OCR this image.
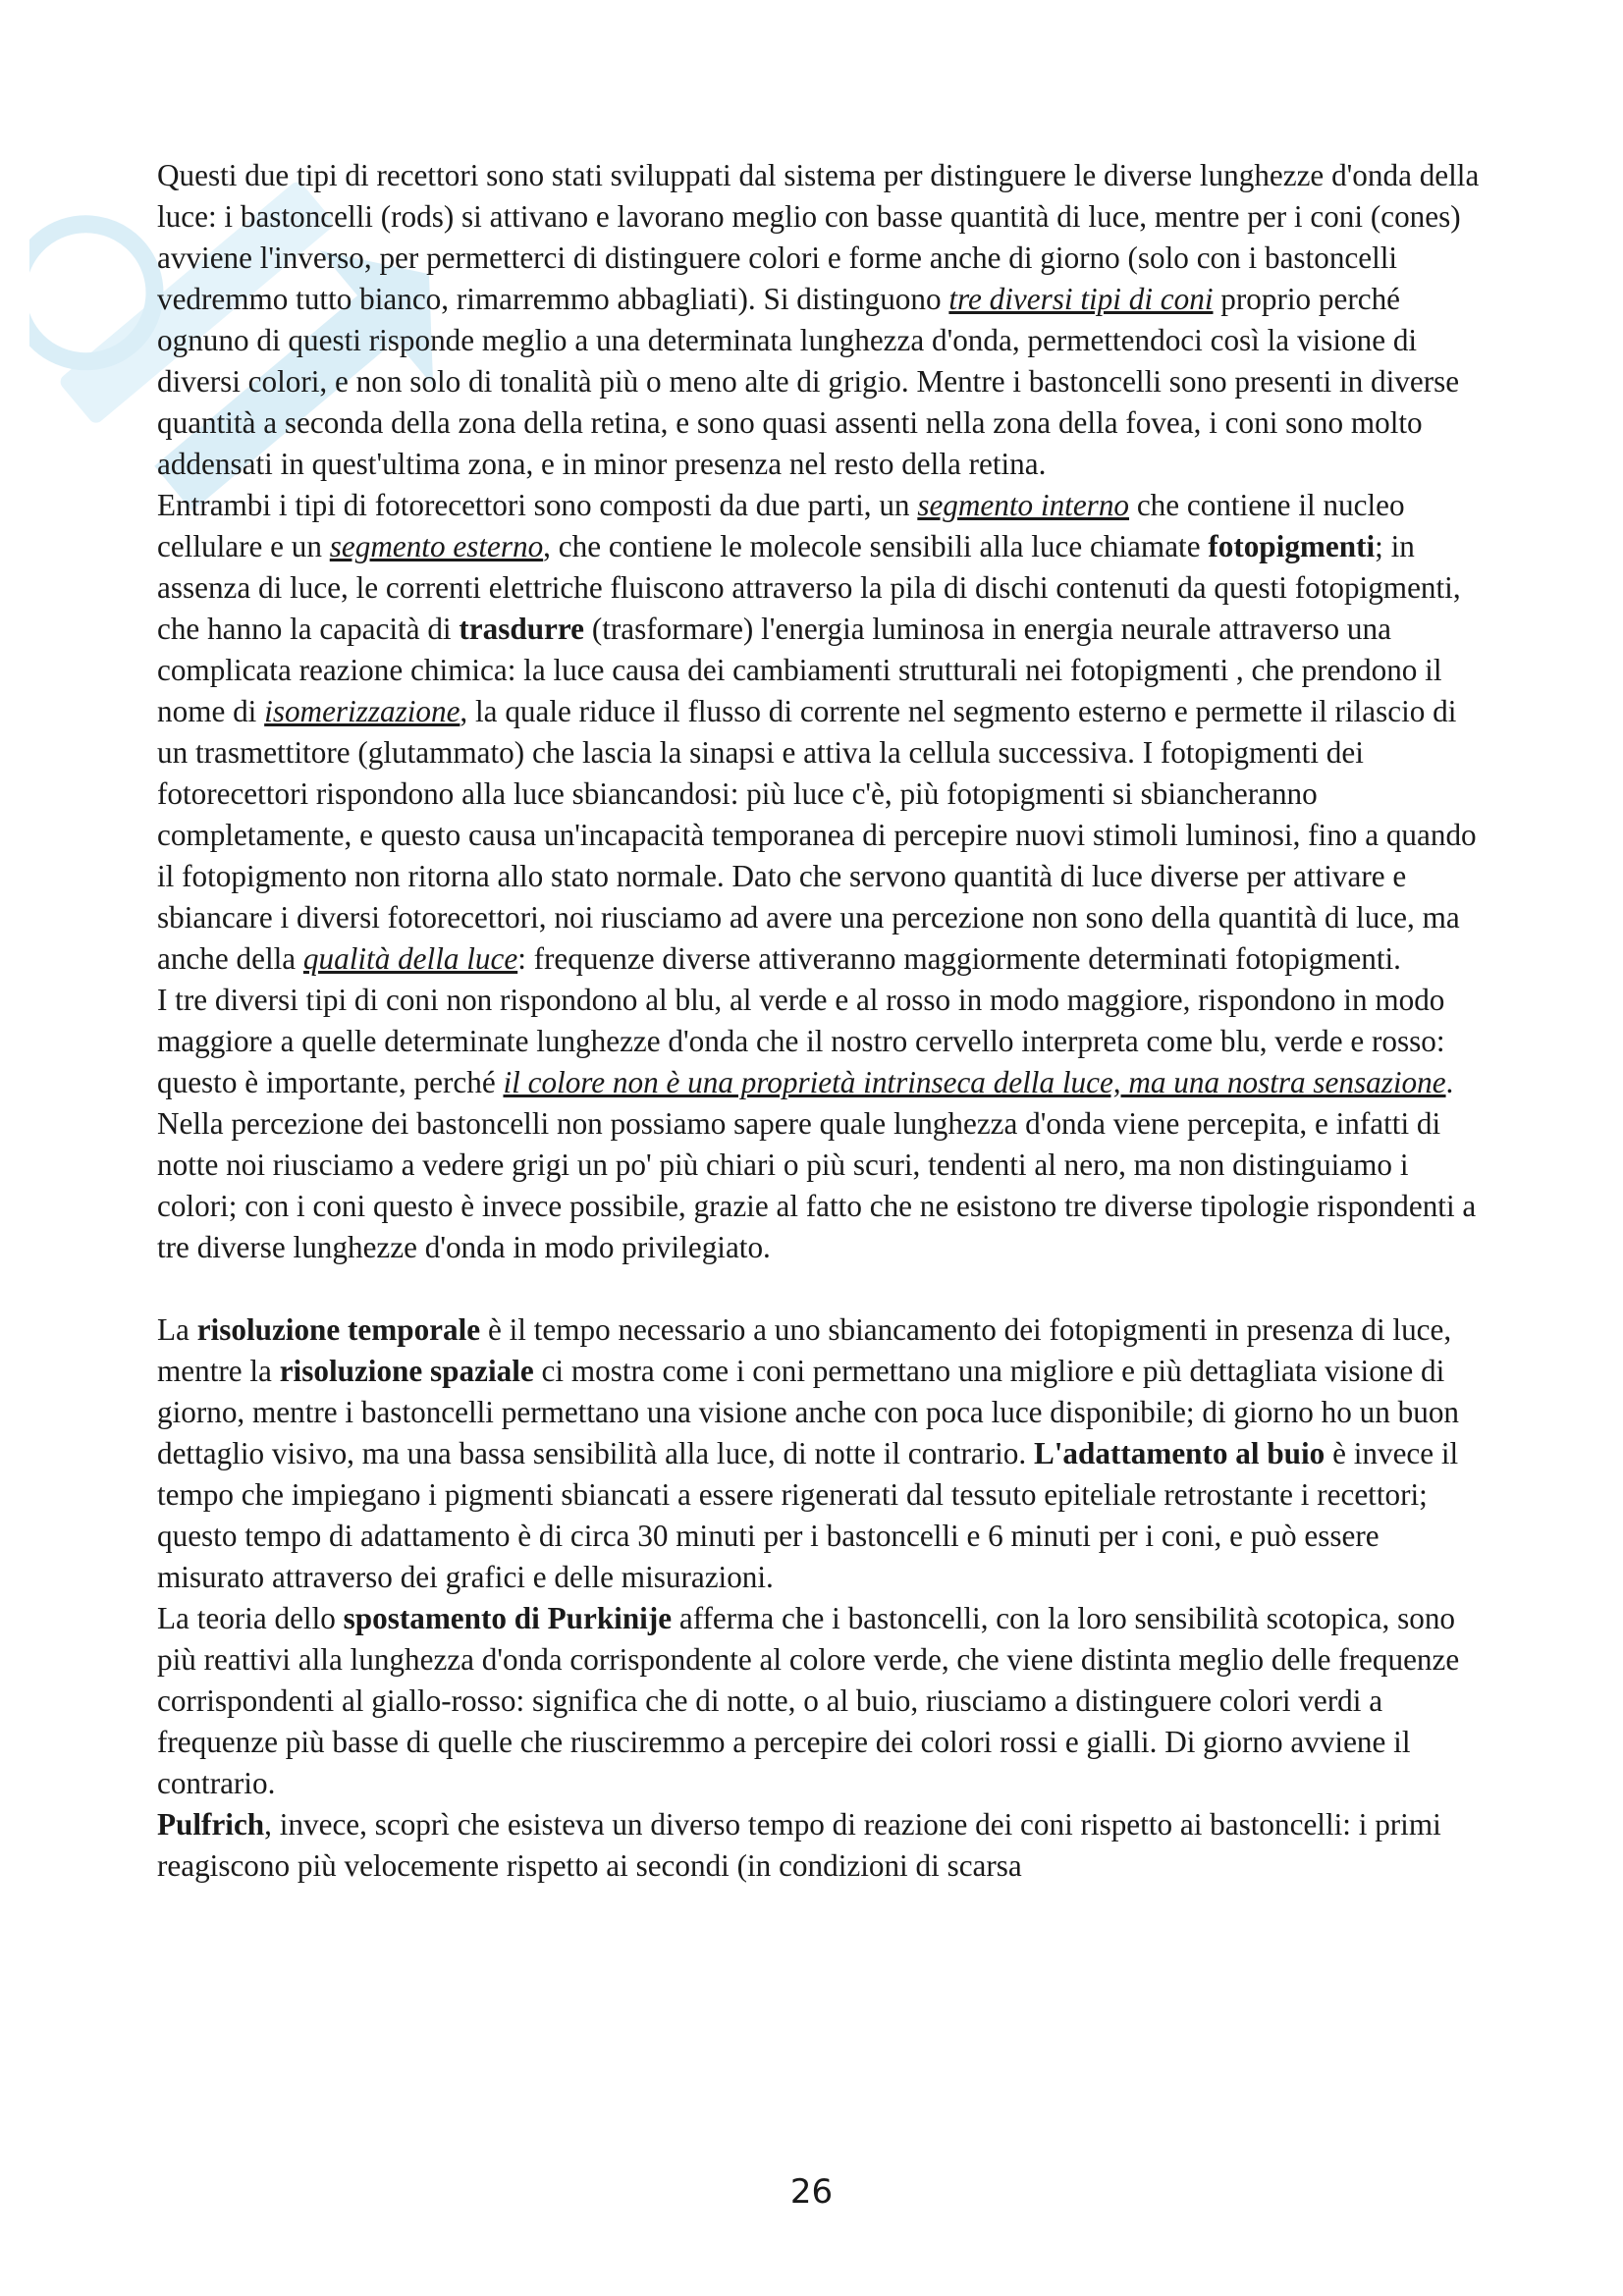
Questi due tipi di recettori sono stati sviluppati dal sistema per distinguere le diverse lunghezze d'onda della luce: i bastoncelli (rods) si attivano e lavorano meglio con basse quantità di luce, mentre per i coni (cones) avviene l'inverso, per permetterci di distinguere colori e forme anche di giorno (solo con i bastoncelli vedremmo tutto bianco, rimarremmo abbagliati). Si distinguono tre diversi tipi di coni proprio perché ognuno di questi risponde meglio a una determinata lunghezza d'onda, permettendoci così la visione di diversi colori, e non solo di tonalità più o meno alte di grigio. Mentre i bastoncelli sono presenti in diverse quantità a seconda della zona della retina, e sono quasi assenti nella zona della fovea, i coni sono molto addensati in quest'ultima zona, e in minor presenza nel resto della retina.

Entrambi i tipi di fotorecettori sono composti da due parti, un segmento interno che contiene il nucleo cellulare e un segmento esterno, che contiene le molecole sensibili alla luce chiamate fotopigmenti; in assenza di luce, le correnti elettriche fluiscono attraverso la pila di dischi contenuti da questi fotopigmenti, che hanno la capacità di trasdurre (trasformare) l'energia luminosa in energia neurale attraverso una complicata reazione chimica: la luce causa dei cambiamenti strutturali nei fotopigmenti , che prendono il nome di isomerizzazione, la quale riduce il flusso di corrente nel segmento esterno e permette il rilascio di un trasmettitore (glutammato) che lascia la sinapsi e attiva la cellula successiva. I fotopigmenti dei fotorecettori rispondono alla luce sbiancandosi: più luce c'è, più fotopigmenti si sbiancheranno completamente, e questo causa un'incapacità temporanea di percepire nuovi stimoli luminosi, fino a quando il fotopigmento non ritorna allo stato normale. Dato che servono quantità di luce diverse per attivare e sbiancare i diversi fotorecettori, noi riusciamo ad avere una percezione non sono della quantità di luce, ma anche della qualità della luce: frequenze diverse attiveranno maggiormente determinati fotopigmenti.

I tre diversi tipi di coni non rispondono al blu, al verde e al rosso in modo maggiore, rispondono in modo maggiore a quelle determinate lunghezze d'onda che il nostro cervello interpreta come blu, verde e rosso: questo è importante, perché il colore non è una proprietà intrinseca della luce, ma una nostra sensazione. Nella percezione dei bastoncelli non possiamo sapere quale lunghezza d'onda viene percepita, e infatti di notte noi riusciamo a vedere grigi un po' più chiari o più scuri, tendenti al nero, ma non distinguiamo i colori; con i coni questo è invece possibile, grazie al fatto che ne esistono tre diverse tipologie rispondenti a tre diverse lunghezze d'onda in modo privilegiato.

La risoluzione temporale è il tempo necessario a uno sbiancamento dei fotopigmenti in presenza di luce, mentre la risoluzione spaziale ci mostra come i coni permettano una migliore e più dettagliata visione di giorno, mentre i bastoncelli permettano una visione anche con poca luce disponibile; di giorno ho un buon dettaglio visivo, ma una bassa sensibilità alla luce, di notte il contrario. L'adattamento al buio è invece il tempo che impiegano i pigmenti sbiancati a essere rigenerati dal tessuto epiteliale retrostante i recettori; questo tempo di adattamento è di circa 30 minuti per i bastoncelli e 6 minuti per i coni, e può essere misurato attraverso dei grafici e delle misurazioni.

La teoria dello spostamento di Purkinije afferma che i bastoncelli, con la loro sensibilità scotopica, sono più reattivi alla lunghezza d'onda corrispondente al colore verde, che viene distinta meglio delle frequenze corrispondenti al giallo-rosso: significa che di notte, o al buio, riusciamo a distinguere colori verdi a frequenze più basse di quelle che riusciremmo a percepire dei colori rossi e gialli. Di giorno avviene il contrario.

Pulfrich, invece, scoprì che esisteva un diverso tempo di reazione dei coni rispetto ai bastoncelli: i primi reagiscono più velocemente rispetto ai secondi (in condizioni di scarsa

26
